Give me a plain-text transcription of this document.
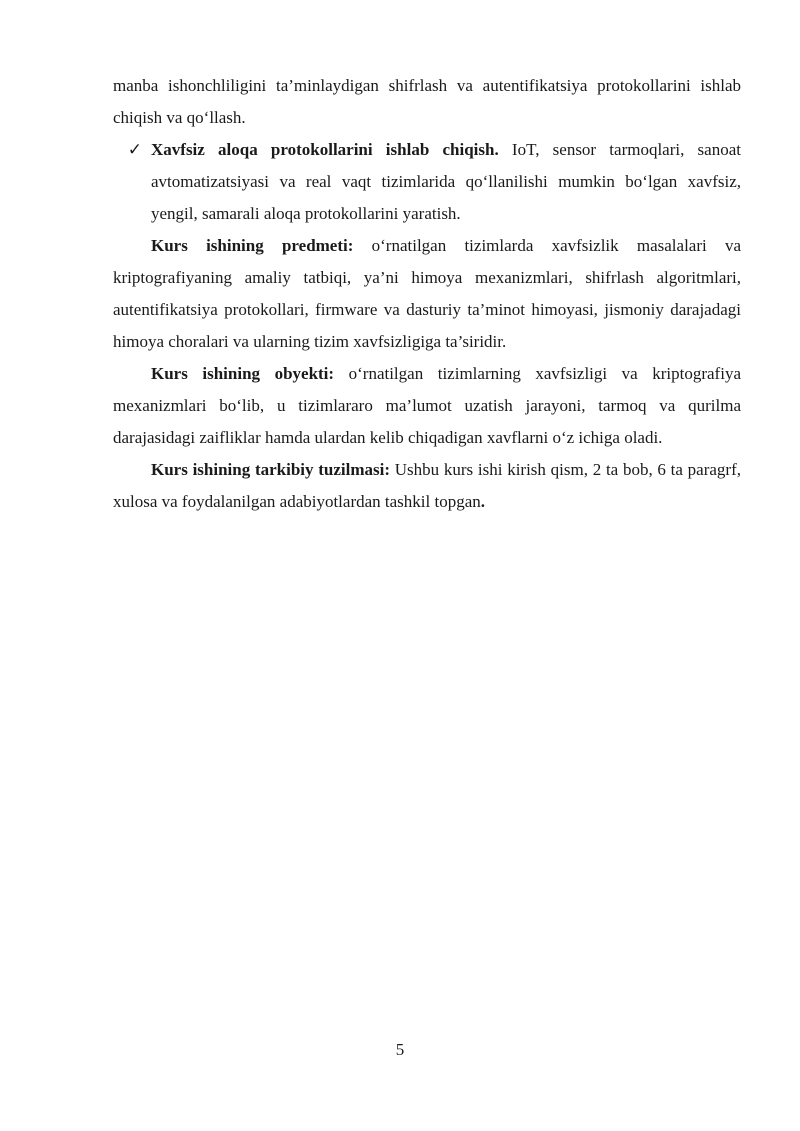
manba ishonchliligini ta’minlaydigan shifrlash va autentifikatsiya protokollarini ishlab chiqish va qo‘llash.

✓ Xavfsiz aloqa protokollarini ishlab chiqish. IoT, sensor tarmoqlari, sanoat avtomatizatsiyasi va real vaqt tizimlarida qo‘llanilishi mumkin bo‘lgan xavfsiz, yengil, samarali aloqa protokollarini yaratish.

Kurs ishining predmeti: o‘rnatilgan tizimlarda xavfsizlik masalalari va kriptografiyaning amaliy tatbiqi, ya’ni himoya mexanizmlari, shifrlash algoritmlari, autentifikatsiya protokollari, firmware va dasturiy ta’minot himoyasi, jismoniy darajadagi himoya choralari va ularning tizim xavfsizligiga ta’siridir.

Kurs ishining obyekti: o‘rnatilgan tizimlarning xavfsizligi va kriptografiya mexanizmlari bo‘lib, u tizimlararo ma’lumot uzatish jarayoni, tarmoq va qurilma darajasidagi zaifliklar hamda ulardan kelib chiqadigan xavflarni o‘z ichiga oladi.

Kurs ishining tarkibiy tuzilmasi: Ushbu kurs ishi kirish qism, 2 ta bob, 6 ta paragrf, xulosa va foydalanilgan adabiyotlardan tashkil topgan.

5
